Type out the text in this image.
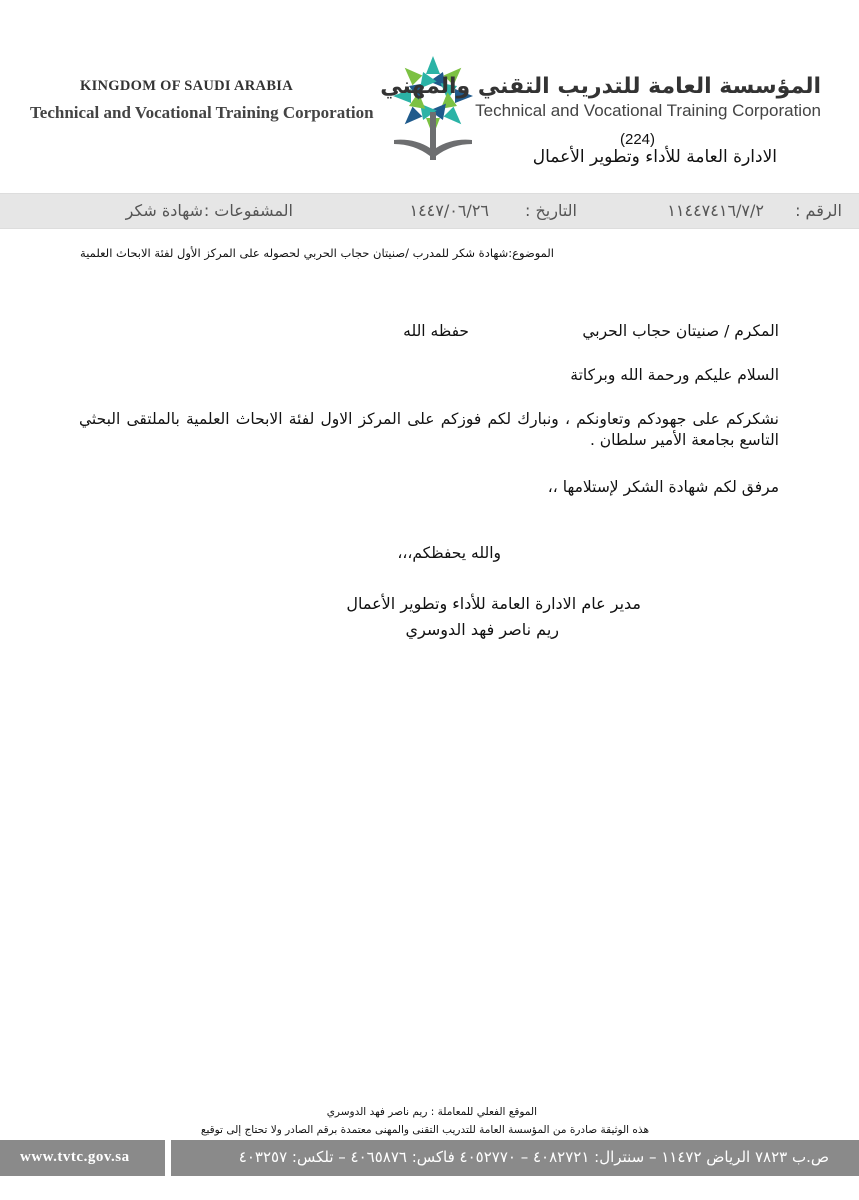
KINGDOM OF SAUDI ARABIA
Technical and Vocational Training Corporation
المؤسسة العامة للتدريب التقني والمهني
Technical and Vocational Training Corporation
(224)
الادارة العامة للأداء وتطوير الأعمال
الرقم :
١١٤٤٧٤١٦/٧/٢
التاريخ :
١٤٤٧/٠٦/٢٦
المشفوعات :
شهادة شكر
الموضوع:شهادة شكر للمدرب /صنيتان حجاب الحربي لحصوله على المركز الأول لفئة الابحاث العلمية
المكرم / صنيتان حجاب الحربي
حفظه الله
السلام عليكم ورحمة الله وبركاتة
نشكركم على جهودكم وتعاونكم ، ونبارك لكم فوزكم على المركز الاول لفئة الابحاث العلمية بالملتقى البحثي التاسع بجامعة الأمير سلطان .
مرفق لكم شهادة الشكر لإستلامها ،،
والله يحفظكم،،،
مدير عام الادارة العامة للأداء وتطوير الأعمال
ريم ناصر فهد الدوسري
الموقع الفعلي للمعاملة : ريم ناصر فهد الدوسري
هذه الوثيقة صادرة من المؤسسة العامة للتدريب التقنى والمهنى معتمدة برقم الصادر ولا تحتاج إلى توقيع
www.tvtc.gov.sa	ص.ب ٧٨٢٣ الرياض ١١٤٧٢ – سنترال: ٤٠٨٢٧٢١ – ٤٠٥٢٧٧٠ فاكس: ٤٠٦٥٨٧٦ – تلكس: ٤٠٣٢٥٧
